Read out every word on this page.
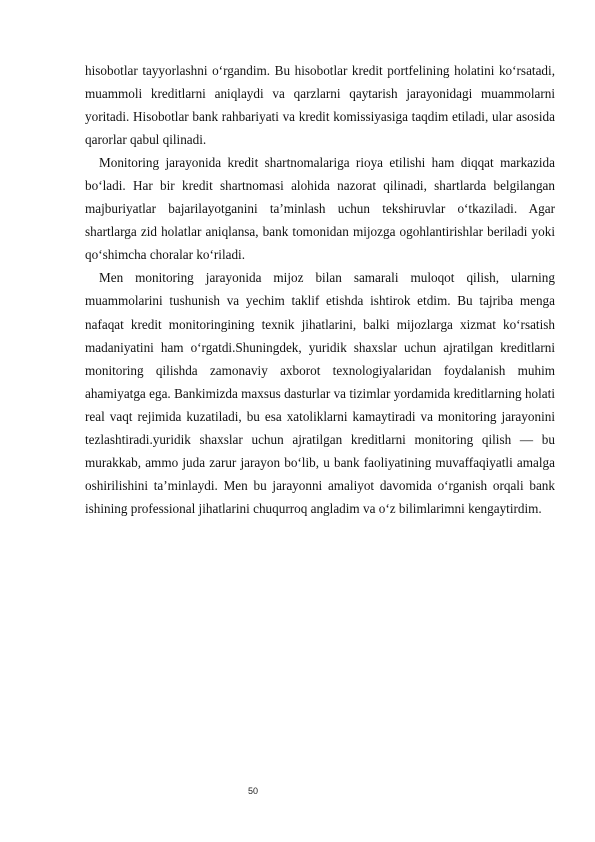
hisobotlar tayyorlashni o‘rgandim. Bu hisobotlar kredit portfelining holatini ko‘rsatadi, muammoli kreditlarni aniqlaydi va qarzlarni qaytarish jarayonidagi muammolarni yoritadi. Hisobotlar bank rahbariyati va kredit komissiyasiga taqdim etiladi, ular asosida qarorlar qabul qilinadi.

Monitoring jarayonida kredit shartnomalariga rioya etilishi ham diqqat markazida bo‘ladi. Har bir kredit shartnomasi alohida nazorat qilinadi, shartlarda belgilangan majburiyatlar bajarilayotganini ta’minlash uchun tekshiruvlar o‘tkaziladi. Agar shartlarga zid holatlar aniqlansa, bank tomonidan mijozga ogohlantirishlar beriladi yoki qo‘shimcha choralar ko‘riladi.

Men monitoring jarayonida mijoz bilan samarali muloqot qilish, ularning muammolarini tushunish va yechim taklif etishda ishtirok etdim. Bu tajriba menga nafaqat kredit monitoringining texnik jihatlarini, balki mijozlarga xizmat ko‘rsatish madaniyatini ham o‘rgatdi.Shuningdek, yuridik shaxslar uchun ajratilgan kreditlarni monitoring qilishda zamonaviy axborot texnologiyalaridan foydalanish muhim ahamiyatga ega. Bankimizda maxsus dasturlar va tizimlar yordamida kreditlarning holati real vaqt rejimida kuzatiladi, bu esa xatoliklarni kamaytiradi va monitoring jarayonini tezlashtiradi.yuridik shaxslar uchun ajratilgan kreditlarni monitoring qilish — bu murakkab, ammo juda zarur jarayon bo‘lib, u bank faoliyatining muvaffaqiyatli amalga oshirilishini ta’minlaydi. Men bu jarayonni amaliyot davomida o‘rganish orqali bank ishining professional jihatlarini chuqurroq angladim va o‘z bilimlarimni kengaytirdim.

50
